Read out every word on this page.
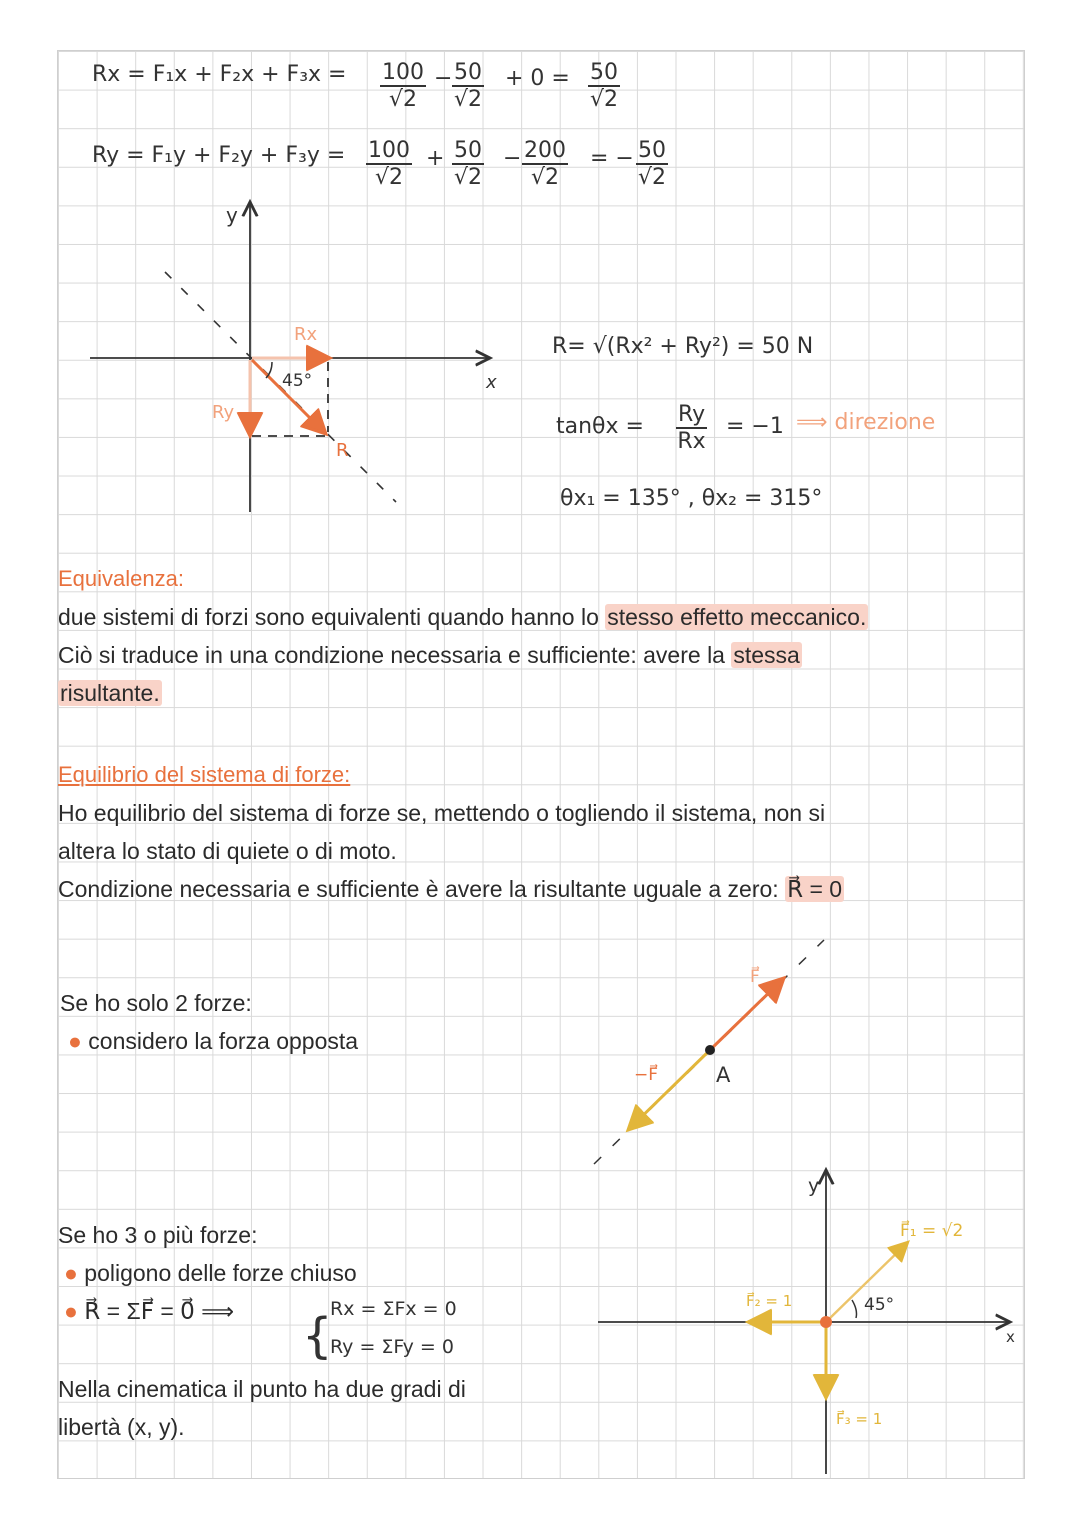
$Rx = F_1x + F_2x + F_3x = \frac{100}{√2} - \frac{50}{√2} + 0 = \frac{50}{√2}$
$Ry = F_1y + F_2y + F_3y = \frac{100}{√2} + \frac{50}{√2} - \frac{200}{√2}$ = − $\frac{50}{√2}$
R= √(Rx² + Ry²) = 50 N
$\tan\theta x = \frac{Ry}{Rx} = -1$ ⟹ direzione
θx₁ = 135° , θx₂ = 315°
y
x
Rx
Ry
R
45°
F⃗
−F⃗	A
y
x
F⃗₁ = √2
F⃗₂ = 1
F⃗₃ = 1
45°
{
Equivalenza:
due sistemi di forzi sono equivalenti quando hanno lo stesso effetto meccanico.
Ciò si traduce in una condizione necessaria e sufficiente: avere la stessa
risultante.
Equilibrio del sistema di forze:
Ho equilibrio del sistema di forze se, mettendo o togliendo il sistema, non si
altera lo stato di quiete o di moto.
Condizione necessaria e sufficiente è avere la risultante uguale a zero: R⃗ = 0
Se ho solo 2 forze:
● considero la forza opposta
Se ho 3 o più forze:
● poligono delle forze chiuso
● R⃗ = ΣF⃗ = 0⃗ ⟹	Rx = ΣFx = 0
Ry = ΣFy = 0
Nella cinematica il punto ha due gradi di
libertà (x, y).
